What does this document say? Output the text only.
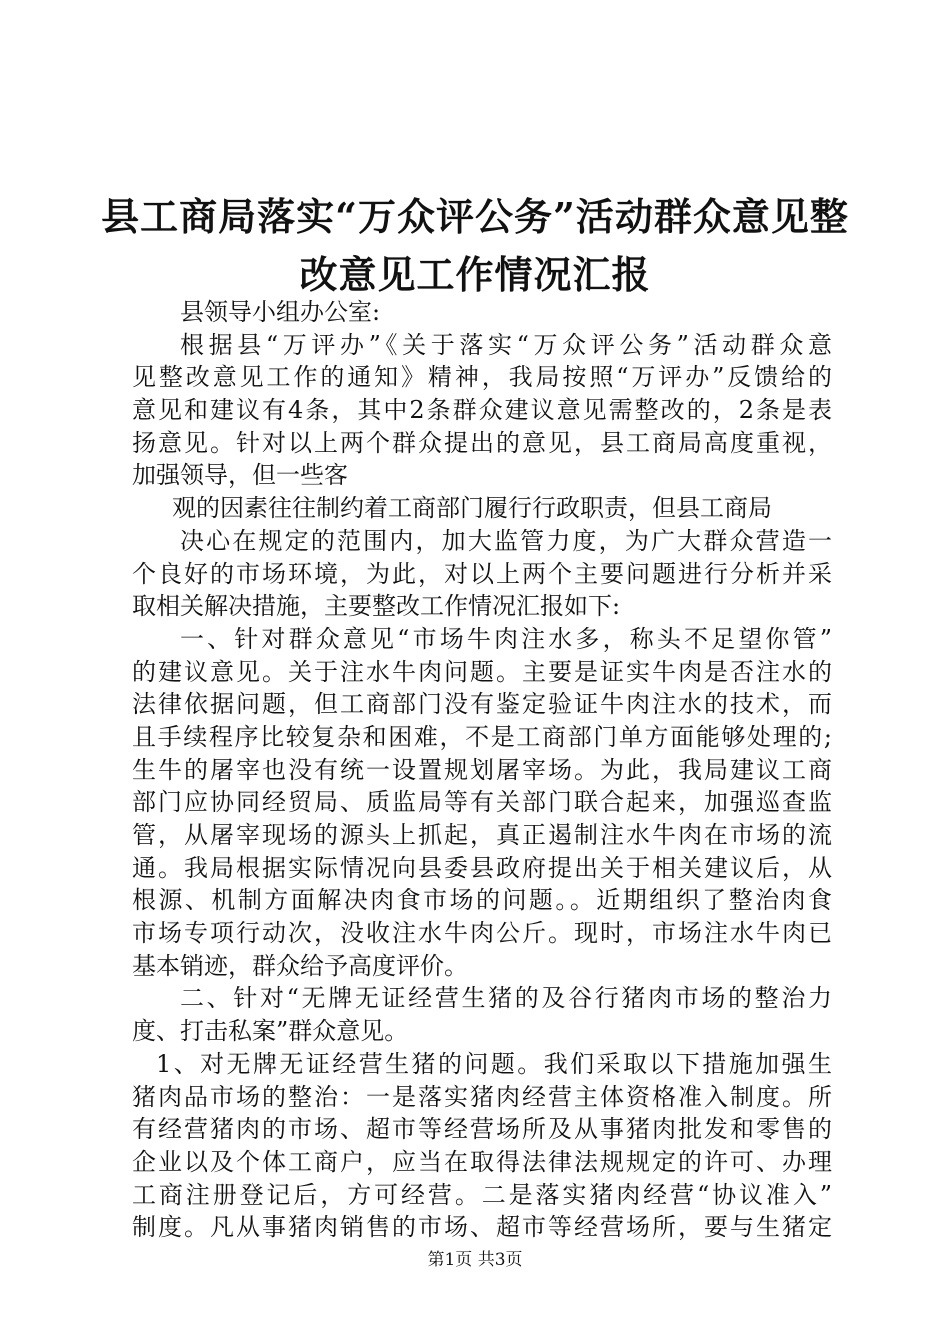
县工商局落实“万众评公务”活动群众意见整
改意见工作情况汇报
县领导小组办公室:
根据县“万评办”《关于落实“万众评公务”活动群众意
见整改意见工作的通知》精神，我局按照“万评办”反馈给的
意见和建议有4条，其中2条群众建议意见需整改的，2条是表
扬意见。针对以上两个群众提出的意见，县工商局高度重视，
加强领导，但一些客
观的因素往往制约着工商部门履行行政职责，但县工商局
决心在规定的范围内，加大监管力度，为广大群众营造一
个良好的市场环境，为此，对以上两个主要问题进行分析并采
取相关解决措施，主要整改工作情况汇报如下:
一、针对群众意见“市场牛肉注水多，称头不足望你管”
的建议意见。关于注水牛肉问题。主要是证实牛肉是否注水的
法律依据问题，但工商部门没有鉴定验证牛肉注水的技术，而
且手续程序比较复杂和困难，不是工商部门单方面能够处理的;
生牛的屠宰也没有统一设置规划屠宰场。为此，我局建议工商
部门应协同经贸局、质监局等有关部门联合起来，加强巡查监
管，从屠宰现场的源头上抓起，真正遏制注水牛肉在市场的流
通。我局根据实际情况向县委县政府提出关于相关建议后，从
根源、机制方面解决肉食市场的问题。。近期组织了整治肉食
市场专项行动次，没收注水牛肉公斤。现时，市场注水牛肉已
基本销迹，群众给予高度评价。
二、针对“无牌无证经营生猪的及谷行猪肉市场的整治力
度、打击私案”群众意见。
1、对无牌无证经营生猪的问题。我们采取以下措施加强生
猪肉品市场的整治：一是落实猪肉经营主体资格准入制度。所
有经营猪肉的市场、超市等经营场所及从事猪肉批发和零售的
企业以及个体工商户，应当在取得法律法规规定的许可、办理
工商注册登记后，方可经营。二是落实猪肉经营“协议准入”
制度。凡从事猪肉销售的市场、超市等经营场所，要与生猪定
第1页 共3页
